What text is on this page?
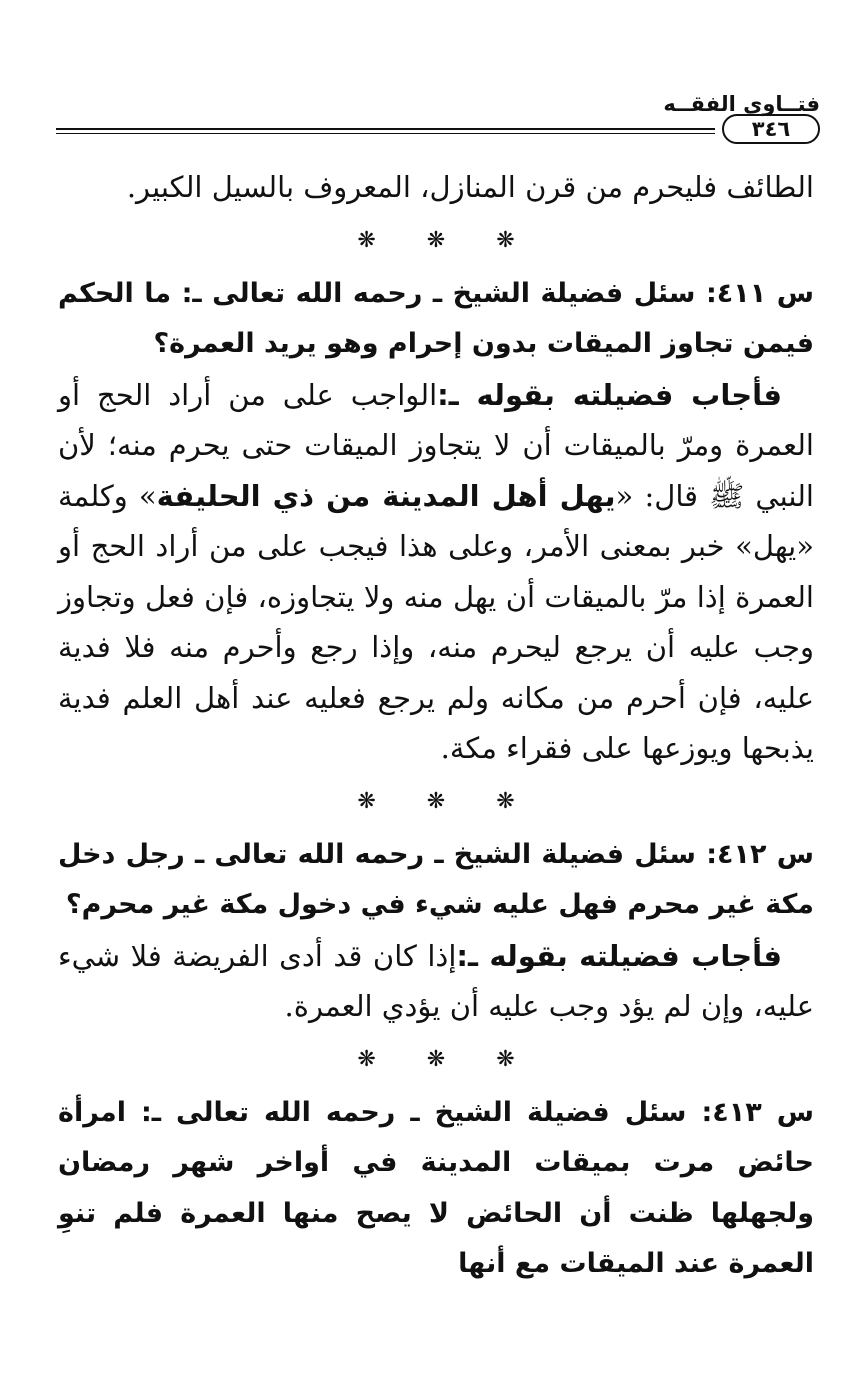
فتــاوى الفقــه
٣٤٦

الطائف فليحرم من قرن المنازل، المعروف بالسيل الكبير.

❋ ❋ ❋

س ٤١١: سئل فضيلة الشيخ ـ رحمه الله تعالى ـ: ما الحكم فيمن تجاوز الميقات بدون إحرام وهو يريد العمرة؟

فأجاب فضيلته بقوله ـ:الواجب على من أراد الحج أو العمرة ومرّ بالميقات أن لا يتجاوز الميقات حتى يحرم منه؛ لأن النبي ﷺ قال: «يهل أهل المدينة من ذي الحليفة» وكلمة «يهل» خبر بمعنى الأمر، وعلى هذا فيجب على من أراد الحج أو العمرة إذا مرّ بالميقات أن يهل منه ولا يتجاوزه، فإن فعل وتجاوز وجب عليه أن يرجع ليحرم منه، وإذا رجع وأحرم منه فلا فدية عليه، فإن أحرم من مكانه ولم يرجع فعليه عند أهل العلم فدية يذبحها ويوزعها على فقراء مكة.

❋ ❋ ❋

س ٤١٢: سئل فضيلة الشيخ ـ رحمه الله تعالى ـ رجل دخل مكة غير محرم فهل عليه شيء في دخول مكة غير محرم؟

فأجاب فضيلته بقوله ـ:إذا كان قد أدى الفريضة فلا شيء عليه، وإن لم يؤد وجب عليه أن يؤدي العمرة.

❋ ❋ ❋

س ٤١٣: سئل فضيلة الشيخ ـ رحمه الله تعالى ـ: امرأة حائض مرت بميقات المدينة في أواخر شهر رمضان ولجهلها ظنت أن الحائض لا يصح منها العمرة فلم تنوِ العمرة عند الميقات مع أنها
